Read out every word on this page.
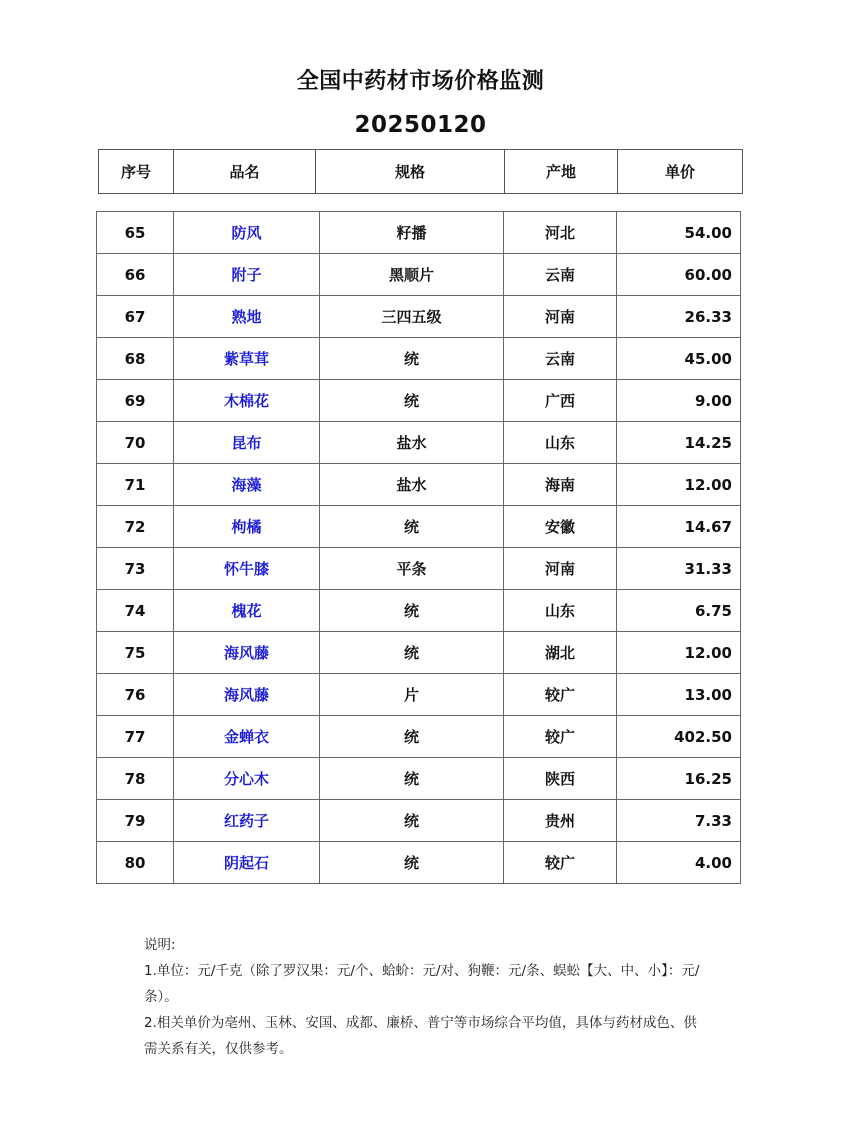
全国中药材市场价格监测
20250120
序号	品名	规格	产地	单价
65	防风	籽播	河北	54.00
66	附子	黑顺片	云南	60.00
67	熟地	三四五级	河南	26.33
68	紫草茸	统	云南	45.00
69	木棉花	统	广西	9.00
70	昆布	盐水	山东	14.25
71	海藻	盐水	海南	12.00
72	枸橘	统	安徽	14.67
73	怀牛膝	平条	河南	31.33
74	槐花	统	山东	6.75
75	海风藤	统	湖北	12.00
76	海风藤	片	较广	13.00
77	金蝉衣	统	较广	402.50
78	分心木	统	陕西	16.25
79	红药子	统	贵州	7.33
80	阴起石	统	较广	4.00

说明:

1.单位：元/千克（除了罗汉果：元/个、蛤蚧：元/对、狗鞭：元/条、蜈蚣【大、中、小】：元/条）。

2.相关单价为亳州、玉林、安国、成都、廉桥、普宁等市场综合平均值，具体与药材成色、供需关系有关，仅供参考。
